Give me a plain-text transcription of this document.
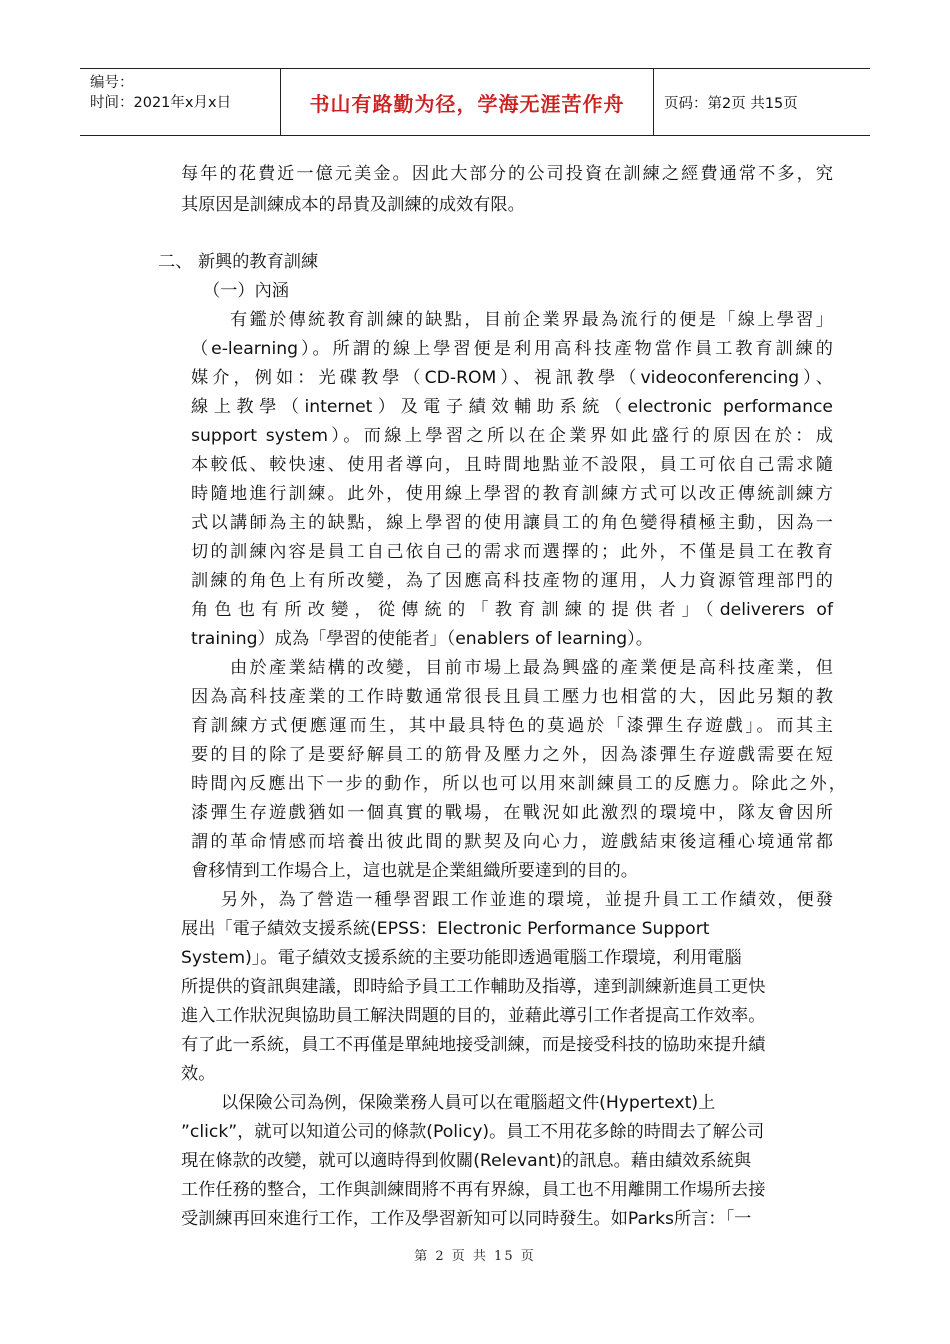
编号：
时间：2021年x月x日	书山有路勤为径，学海无涯苦作舟	页码：第2页 共15页
每年的花費近一億元美金。因此大部分的公司投資在訓練之經費通常不多，究
其原因是訓練成本的昂貴及訓練的成效有限。
二、 新興的教育訓練
（一）內涵
有鑑於傳統教育訓練的缺點，目前企業界最為流行的便是「線上學習」
（e-learning）。所謂的線上學習便是利用高科技產物當作員工教育訓練的
媒介，例如：光碟教學（CD-ROM）、視訊教學（videoconferencing）、
線上教學（internet）及電子績效輔助系統（electronic performance
support system）。而線上學習之所以在企業界如此盛行的原因在於：成
本較低、較快速、使用者導向，且時間地點並不設限，員工可依自己需求隨
時隨地進行訓練。此外，使用線上學習的教育訓練方式可以改正傳統訓練方
式以講師為主的缺點，線上學習的使用讓員工的角色變得積極主動，因為一
切的訓練內容是員工自己依自己的需求而選擇的；此外，不僅是員工在教育
訓練的角色上有所改變，為了因應高科技產物的運用，人力資源管理部門的
角色也有所改變，從傳統的「教育訓練的提供者」（deliverers of
training）成為「學習的使能者」（enablers of learning）。
由於產業結構的改變，目前市場上最為興盛的產業便是高科技產業，但
因為高科技產業的工作時數通常很長且員工壓力也相當的大，因此另類的教
育訓練方式便應運而生，其中最具特色的莫過於「漆彈生存遊戲」。而其主
要的目的除了是要紓解員工的筋骨及壓力之外，因為漆彈生存遊戲需要在短
時間內反應出下一步的動作，所以也可以用來訓練員工的反應力。除此之外，
漆彈生存遊戲猶如一個真實的戰場，在戰況如此激烈的環境中，隊友會因所
謂的革命情感而培養出彼此間的默契及向心力，遊戲結束後這種心境通常都
會移情到工作場合上，這也就是企業組織所要達到的目的。
另外，為了營造一種學習跟工作並進的環境，並提升員工工作績效，便發
展出「電子績效支援系統(EPSS：Electronic Performance Support
System)」。電子績效支援系統的主要功能即透過電腦工作環境，利用電腦
所提供的資訊與建議，即時給予員工工作輔助及指導，達到訓練新進員工更快
進入工作狀況與協助員工解決問題的目的，並藉此導引工作者提高工作效率。
有了此一系統，員工不再僅是單純地接受訓練，而是接受科技的協助來提升績
效。
以保險公司為例，保險業務人員可以在電腦超文件(Hypertext)上
”click”，就可以知道公司的條款(Policy)。員工不用花多餘的時間去了解公司
現在條款的改變，就可以適時得到攸關(Relevant)的訊息。藉由績效系統與
工作任務的整合，工作與訓練間將不再有界線，員工也不用離開工作場所去接
受訓練再回來進行工作，工作及學習新知可以同時發生。如Parks所言：「一
第 2 页 共 15 页
